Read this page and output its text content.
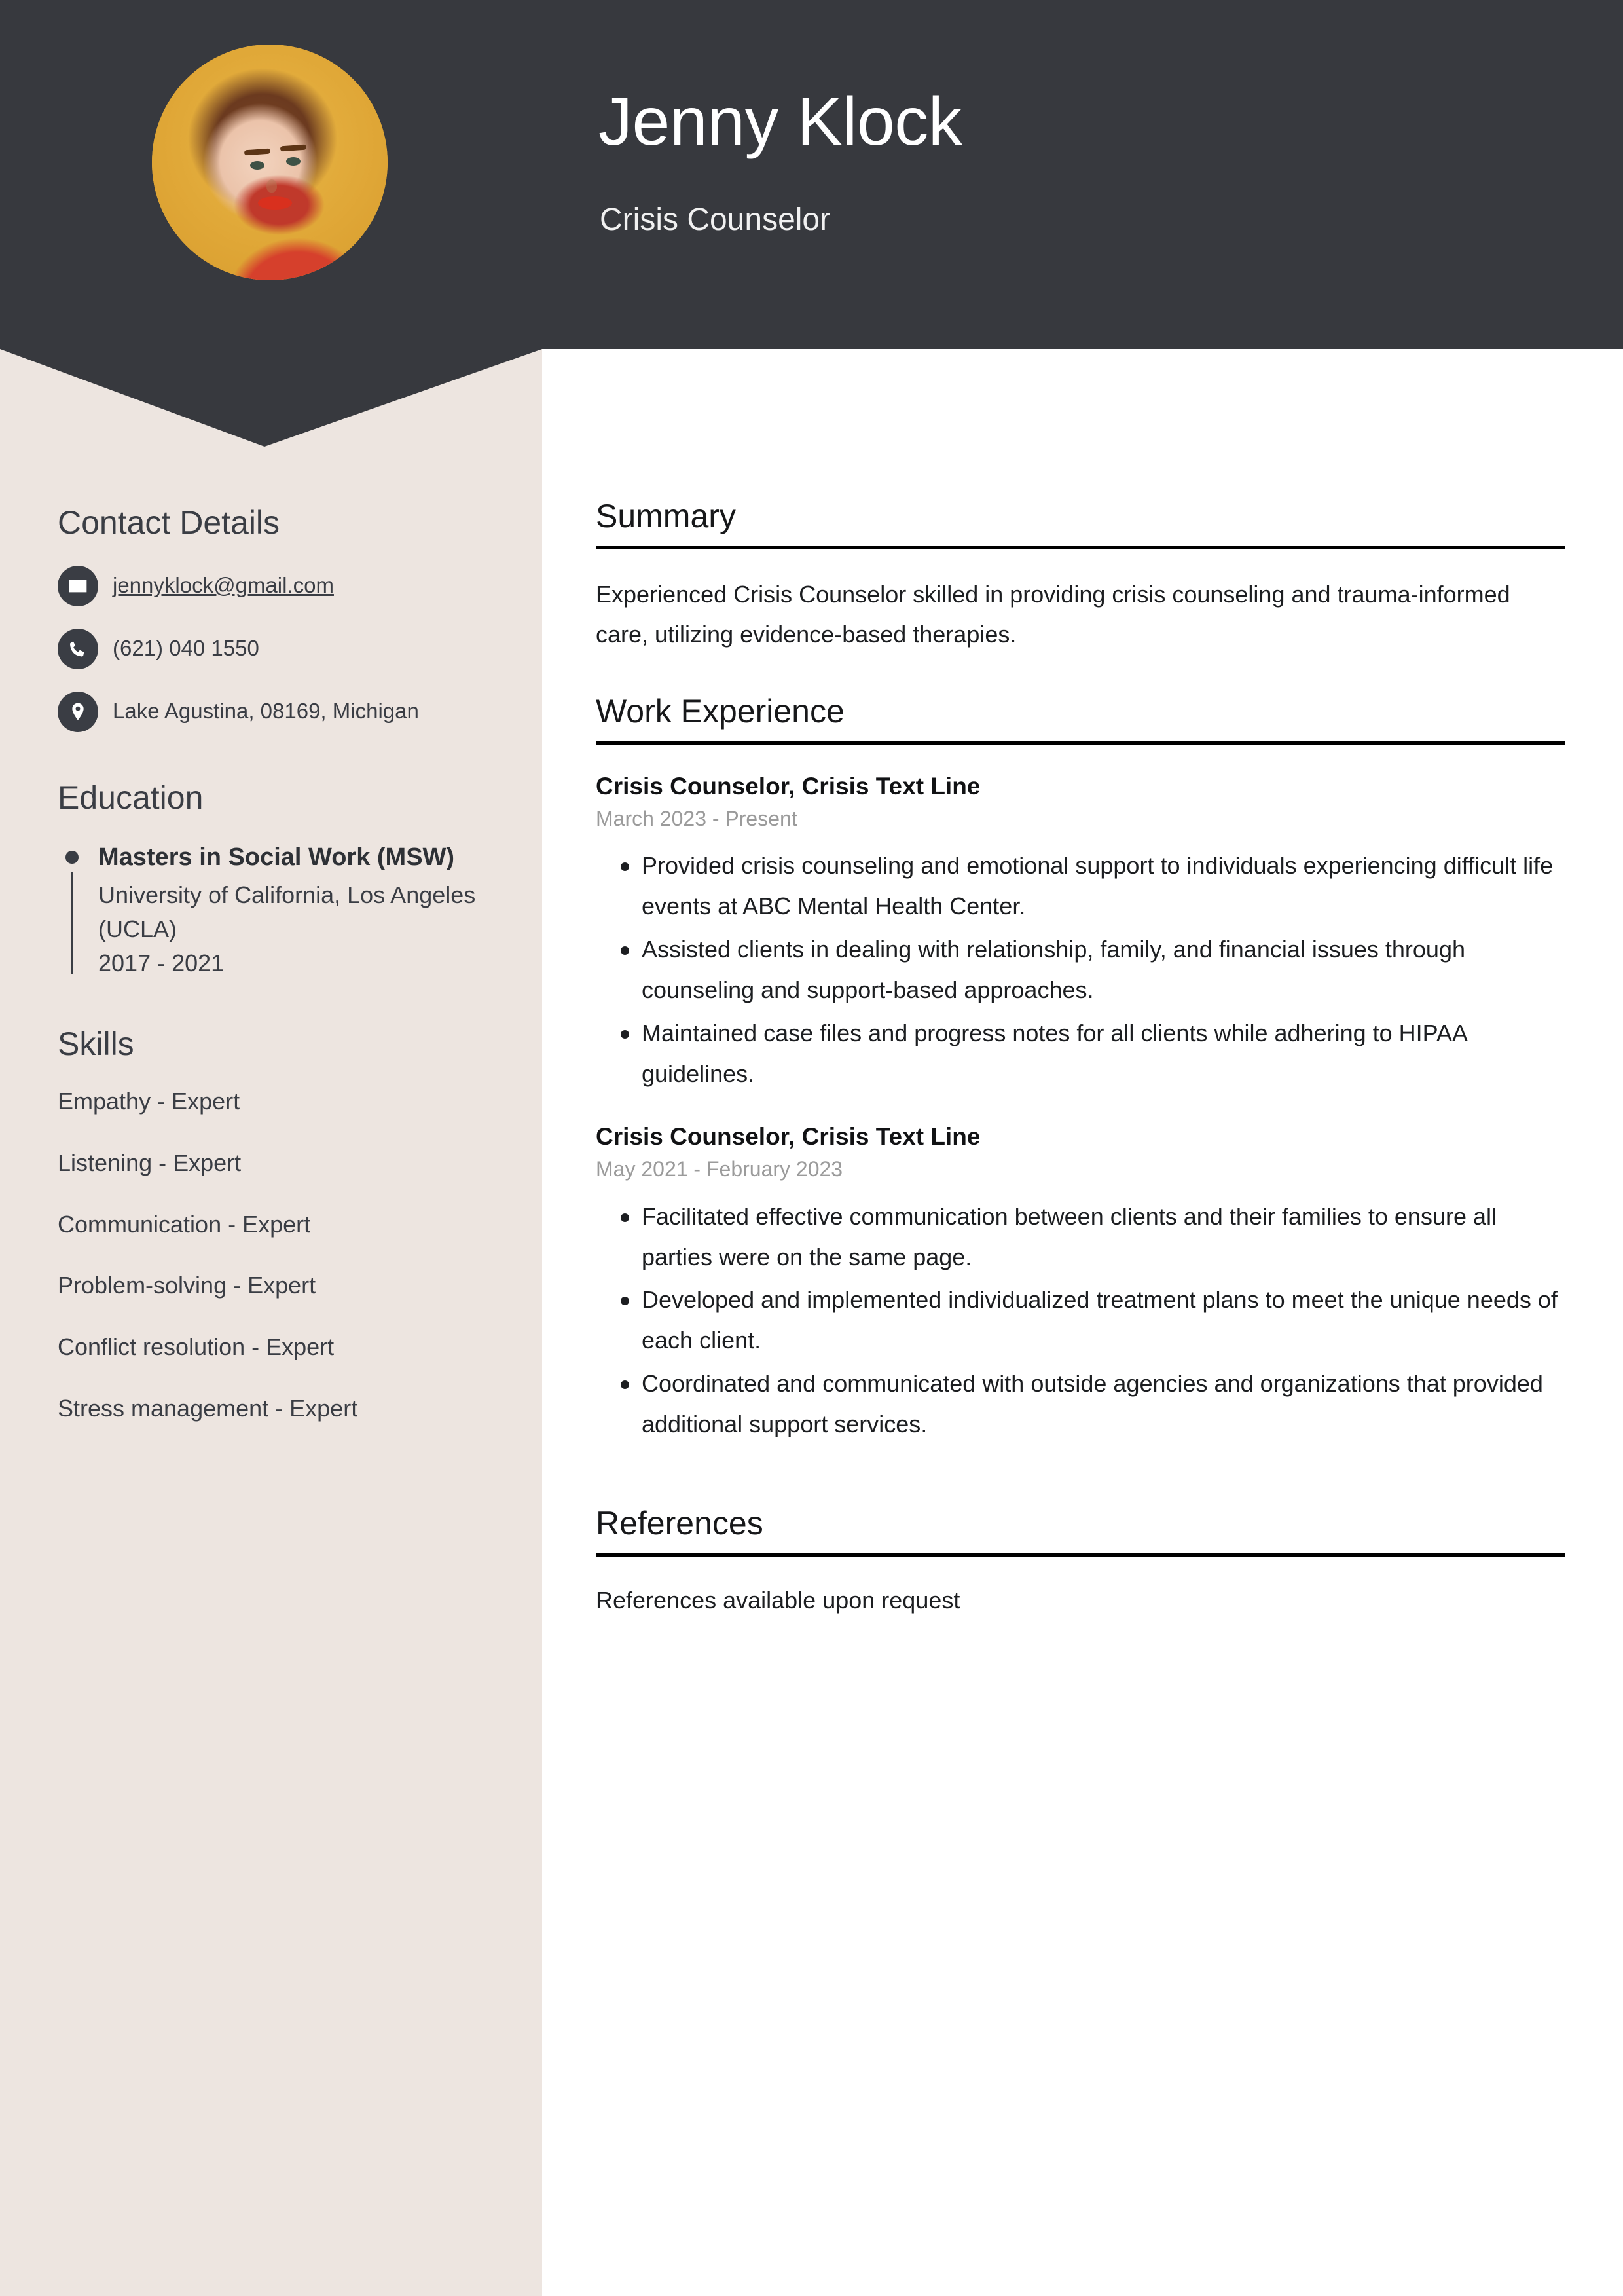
Jenny Klock
Crisis Counselor
Contact Details
jennyklock@gmail.com
(621) 040 1550
Lake Agustina, 08169, Michigan
Education
Masters in Social Work (MSW)
University of California, Los Angeles (UCLA)
2017 - 2021
Skills
Empathy - Expert
Listening - Expert
Communication - Expert
Problem-solving - Expert
Conflict resolution - Expert
Stress management - Expert
Summary
Experienced Crisis Counselor skilled in providing crisis counseling and trauma-informed care, utilizing evidence-based therapies.
Work Experience
Crisis Counselor, Crisis Text Line
March 2023 - Present
Provided crisis counseling and emotional support to individuals experiencing difficult life events at ABC Mental Health Center.
Assisted clients in dealing with relationship, family, and financial issues through counseling and support-based approaches.
Maintained case files and progress notes for all clients while adhering to HIPAA guidelines.
Crisis Counselor, Crisis Text Line
May 2021 - February 2023
Facilitated effective communication between clients and their families to ensure all parties were on the same page.
Developed and implemented individualized treatment plans to meet the unique needs of each client.
Coordinated and communicated with outside agencies and organizations that provided additional support services.
References
References available upon request
